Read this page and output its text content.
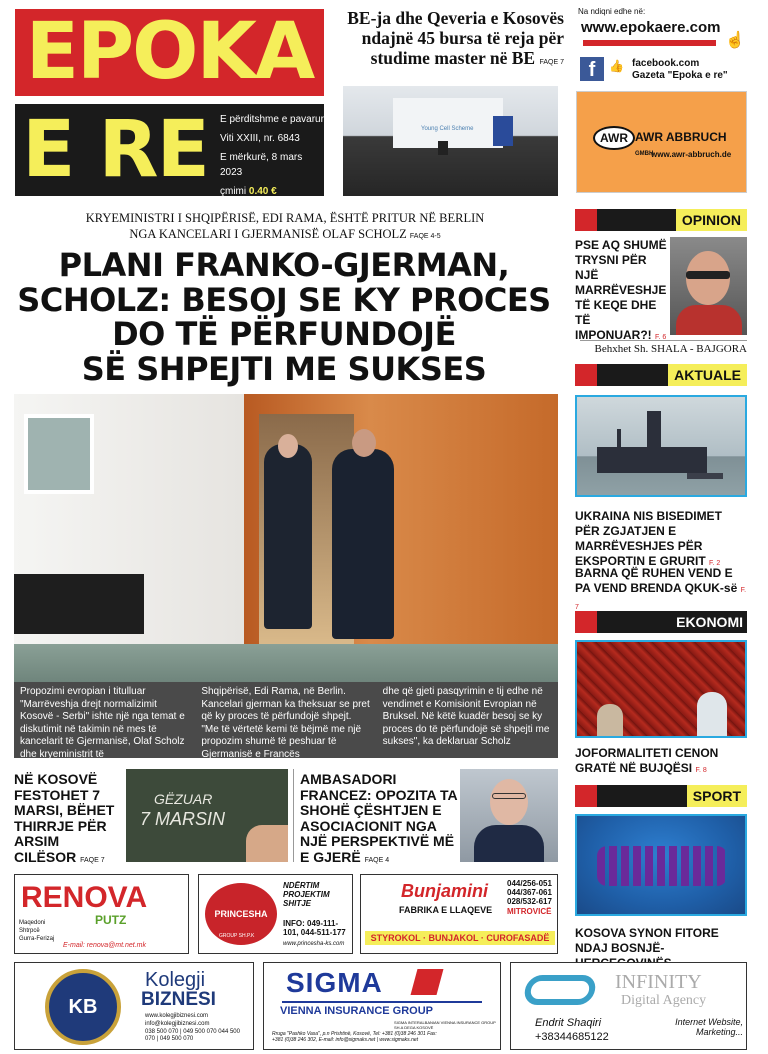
EPOKA
E RE	E përditshme e pavarur
Viti XXIII, nr. 6843
E mërkurë, 8 mars 2023
çmimi 0.40 €
BE-ja dhe Qeveria e Kosovës ndajnë 45 bursa të reja për studime master në BE FAQE 7
Young Cell Scheme
Na ndiqni edhe në:
www.epokaere.com
☝
f	👍 facebook.com
Gazeta "Epoka e re"
AWR AWR ABBRUCH GMBH
www.awr-abbruch.de
KRYEMINISTRI I SHQIPËRISË, EDI RAMA, ËSHTË PRITUR NË BERLIN
NGA KANCELARI I GJERMANISË OLAF SCHOLZ FAQE 4-5
PLANI FRANKO-GJERMAN,
SCHOLZ: BESOJ SE KY PROCES
DO TË PËRFUNDOJË
SË SHPEJTI ME SUKSES
Propozimi evropian i titulluar "Marrëveshja drejt normalizimit Kosovë - Serbi" ishte një nga temat e diskutimit në takimin në mes të kancelarit të Gjermanisë, Olaf Scholz dhe kryeministrit të
Shqipërisë, Edi Rama, në Berlin. Kancelari gjerman ka theksuar se pret që ky proces të përfundojë shpejt. "Me të vërtetë kemi të bëjmë me një propozim shumë të peshuar të Gjermanisë e Francës
dhe që gjeti pasqyrimin e tij edhe në vendimet e Komisionit Evropian në Bruksel. Në këtë kuadër besoj se ky proces do të përfundojë së shpejti me sukses", ka deklaruar Scholz
OPINION
PSE AQ SHUMË TRYSNI PËR NJË MARRËVESHJE TË KEQE DHE TË IMPONUAR?! F. 6
Behxhet Sh. SHALA - BAJGORA
AKTUALE
UKRAINA NIS BISEDIMET PËR ZGJATJEN E MARRËVESHJES PËR EKSPORTIN E GRURIT F. 2
BARNA QË RUHEN VEND E PA VEND BRENDA QKUK-së F. 7
EKONOMI
JOFORMALITETI CENON GRATË NË BUJQËSI F. 8
SPORT
KOSOVA SYNON FITORE NDAJ BOSNJË-
NË KOSOVË FESTOHET 7 MARSI, BËHET THIRRJE PËR ARSIM CILËSOR FAQE 7
GËZUAR
7 MARSIN
AMBASADORI FRANCEZ: OPOZITA TA SHOHË ÇËSHTJEN E ASOCIACIONIT NGA NJË PERSPEKTIVË MË E GJERË FAQE 4
RENOVA
PUTZ
Maqedoni
Shtrpcë
Gurra-Ferizaj
E-mail: renova@mt.net.mk
PRINCESHA
NDËRTIM
PROJEKTIM
SHITJE
INFO: 049-111-101, 044-511-177
www.princesha-ks.com
GROUP SH.P.K
Bunjamini
FABRIKA E LLAQEVE
044/256-051
044/367-061
028/532-617
MITROVICË
STYROKOL · BUNJAKOL · CUROFASADË
KB
Kolegji
BIZNESI
www.kolegjibiznesi.com
info@kolegjibiznesi.com
038 500 070 | 049 500 070 044 500 070 | 049 500 070
SIGMA
VIENNA INSURANCE GROUP
SIGMA INTERALBANIAN VIENNA INSURANCE GROUP SH.A DEGA KOSOVË
Rruga "Pashko Vasa", p.n Prishtinë, Kosovë, Tel: +381 (0)38 246 301 Fax: +381 (0)38 246 302, E-mail: info@sigmaks.net | www.sigmaks.net
INFINITY
Digital Agency
Endrit Shaqiri
+38344685122
Internet Website, Marketing...
